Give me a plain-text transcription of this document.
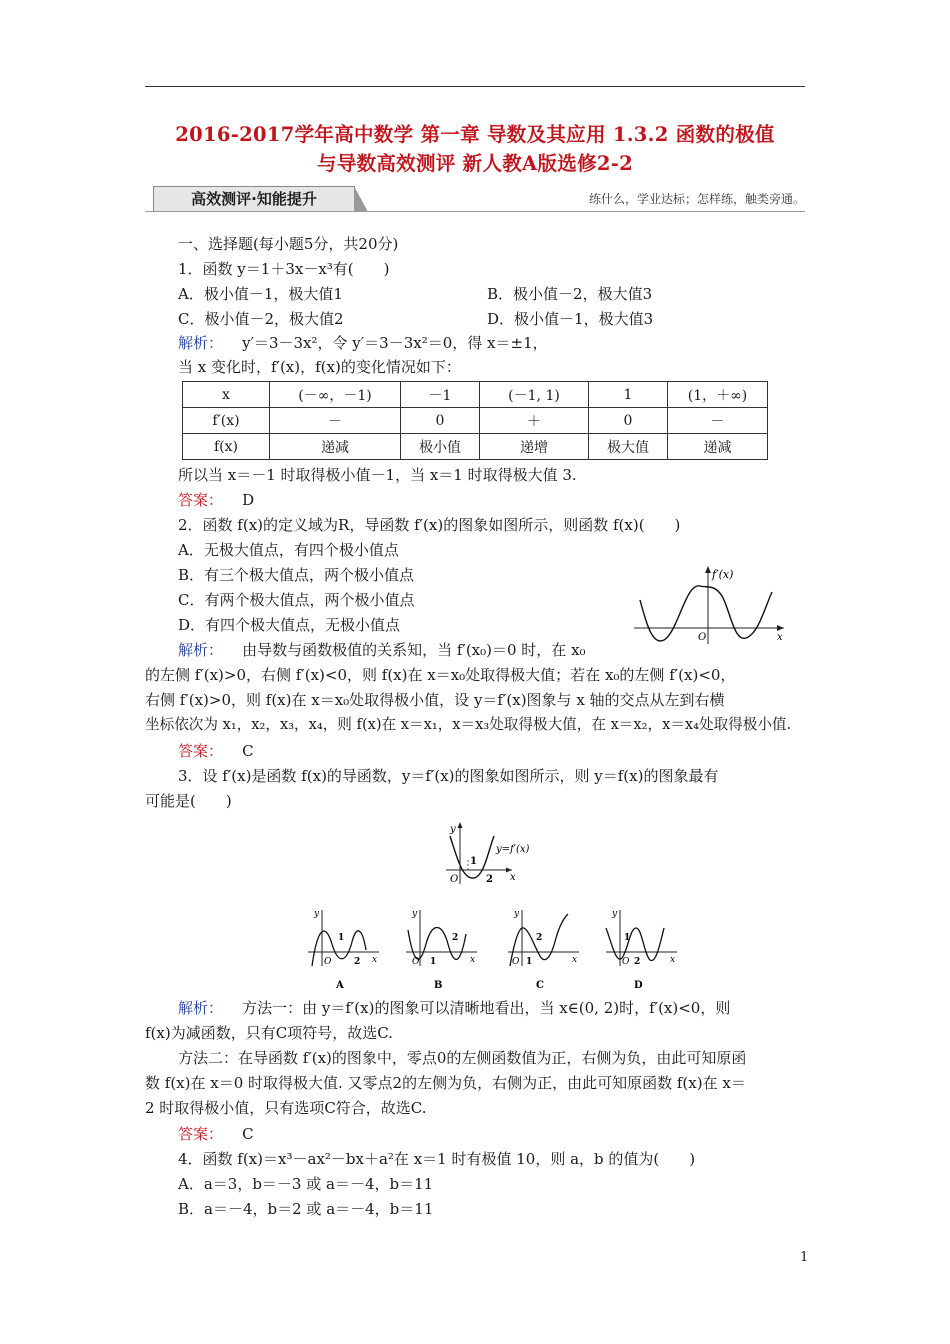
2016-2017学年高中数学 第一章 导数及其应用 1.3.2 函数的极值
与导数高效测评 新人教A版选修2-2
高效测评·知能提升	练什么，学业达标；怎样练，触类旁通。
一、选择题(每小题5分，共20分)
1．函数 y＝1＋3x－x³有(　　)
A．极小值－1，极大值1	B．极小值－2，极大值3
C．极小值－2，极大值2	D．极小值－1，极大值3
解析： y′＝3－3x²，令 y′＝3－3x²＝0，得 x＝±1，
当 x 变化时，f′(x)，f(x)的变化情况如下：
x	(－∞，－1)	－1	(－1, 1)	1	(1，＋∞)
f′(x)	－	0	＋	0	－
f(x)	递减	极小值	递增	极大值	递减
所以当 x＝－1 时取得极小值－1，当 x＝1 时取得极大值 3.
答案： D
2．函数 f(x)的定义域为R，导函数 f′(x)的图象如图所示，则函数 f(x)(　　)
A．无极大值点，有四个极小值点
B．有三个极大值点，两个极小值点
C．有两个极大值点，两个极小值点
D．有四个极大值点，无极小值点
f′(x)
O	x
解析： 由导数与函数极值的关系知，当 f′(x₀)＝0 时，在 x₀
的左侧 f′(x)>0，右侧 f′(x)<0，则 f(x)在 x＝x₀处取得极大值；若在 x₀的左侧 f′(x)<0，
右侧 f′(x)>0，则 f(x)在 x＝x₀处取得极小值，设 y＝f′(x)图象与 x 轴的交点从左到右横
坐标依次为 x₁，x₂，x₃，x₄，则 f(x)在 x＝x₁，x＝x₃处取得极大值，在 x＝x₂，x＝x₄处取得极小值.
答案： C
3．设 f′(x)是函数 f(x)的导函数，y＝f′(x)的图象如图所示，则 y＝f(x)的图象最有
可能是(　　)
y
x
O
1
2
y=f′(x)
y
x
O
1
2
A
y
x
O 1
2
B
y
x
O 1
2
C
y
x
O
1
2
D
解析： 方法一：由 y＝f′(x)的图象可以清晰地看出，当 x∈(0, 2)时，f′(x)<0，则
f(x)为减函数，只有C项符号，故选C.
方法二：在导函数 f′(x)的图象中，零点0的左侧函数值为正，右侧为负，由此可知原函
数 f(x)在 x＝0 时取得极大值. 又零点2的左侧为负，右侧为正，由此可知原函数 f(x)在 x＝
2 时取得极小值，只有选项C符合，故选C.
答案： C
4．函数 f(x)＝x³－ax²－bx＋a²在 x＝1 时有极值 10，则 a，b 的值为(　　)
A．a＝3，b＝－3 或 a＝－4，b＝11
B．a＝－4，b＝2 或 a＝－4，b＝11
1
